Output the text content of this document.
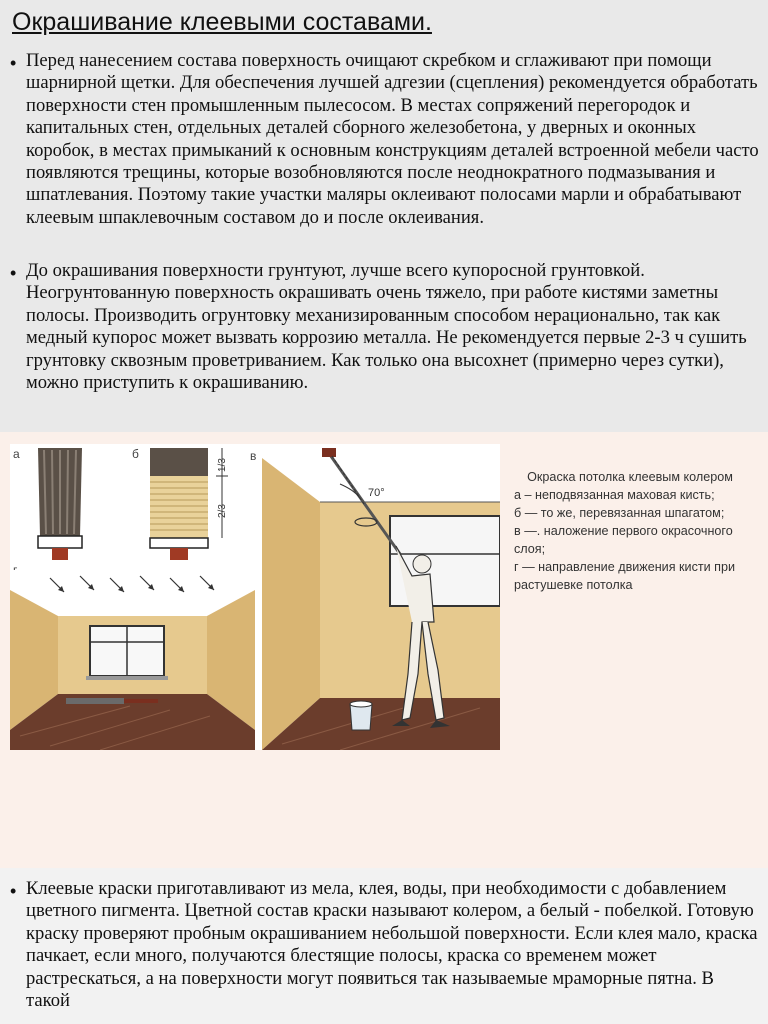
Окрашивание клеевыми составами.
• Перед нанесением состава поверхность очищают скребком и сглаживают при помощи шарнирной щетки. Для обеспечения лучшей адгезии (сцепления) рекомендуется обработать поверхности стен промышленным пылесосом. В местах сопряжений перегородок и капитальных стен, отдельных деталей сборного железобетона, у дверных и оконных коробок, в местах примыканий к основным конструкциям деталей встроенной мебели часто появляются трещины, которые возобновляются после неоднократного подмазывания и шпатлевания. Поэтому такие участки маляры оклеивают полосами марли и обрабатывают клеевым шпаклевочным составом до и после оклеивания.

• До окрашивания поверхности грунтуют, лучше всего купоросной грунтовкой. Неогрунтованную поверхность окрашивать очень тяжело, при работе кистями заметны полосы. Производить огрунтовку механизированным способом нерационально, так как медный купорос может вызвать коррозию металла. Не рекомендуется первые 2-3 ч сушить грунтовку сквозным проветриванием. Как только она высохнет (примерно через сутки), можно приступить к окрашиванию.

а	б
1/3
2/3
в
70°
Окраска потолка клеевым колером
а – неподвязанная маховая кисть;
б — то же, перевязанная шпагатом;
в —. наложение первого окрасочного слоя;
г — направление движения кисти при растушевке потолка
• Клеевые краски приготавливают из мела, клея, воды, при необходимости с добавлением цветного пигмента. Цветной состав краски называют колером, а белый - побелкой. Готовую краску проверяют пробным окрашиванием небольшой поверхности. Если клея мало, краска пачкает, если много, получаются блестящие полосы, краска со временем может растрескаться, а на поверхности могут появиться так называемые мраморные пятна. В такой
